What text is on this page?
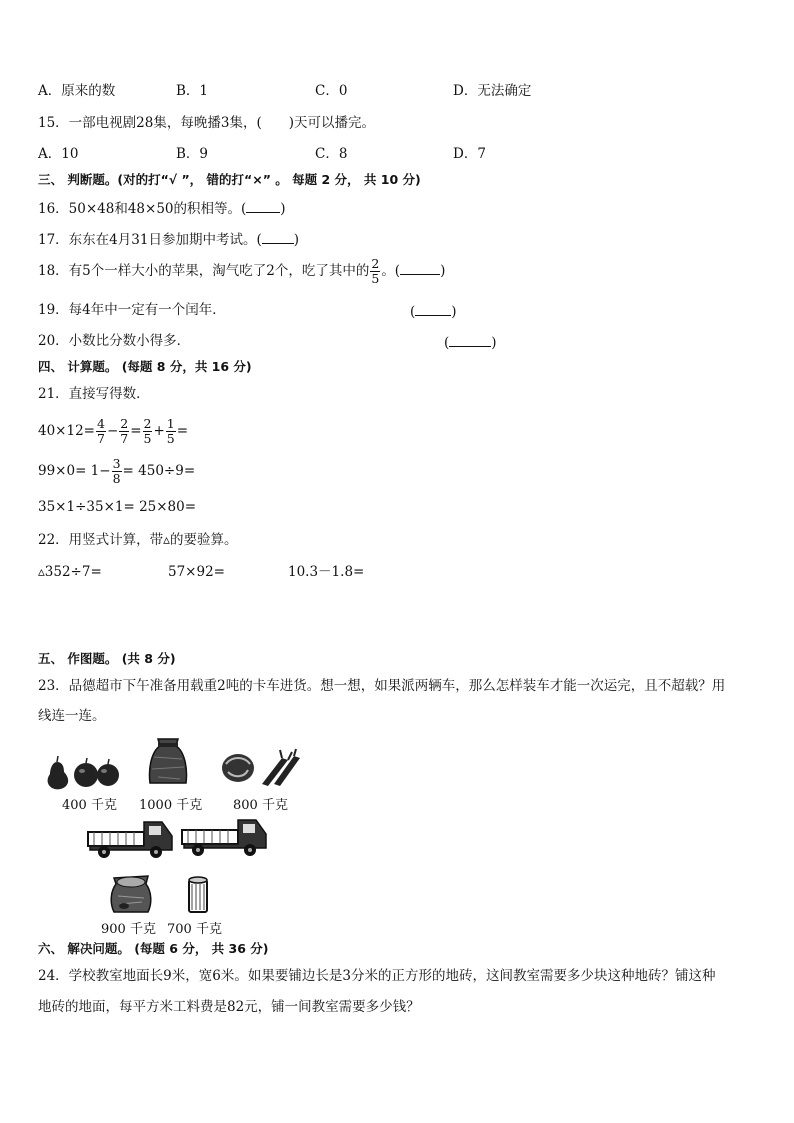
A．原来的数	B．1	C．0	D．无法确定
15．一部电视剧28集，每晚播3集，(　　)天可以播完。
A．10	B．9	C．8	D．7
三、 判断题。(对的打“√ ”， 错的打“×” 。 每题 2 分， 共 10 分)
16．50×48和48×50的积相等。(	)
17．东东在4月31日参加期中考试。( )
18．有5个一样大小的苹果，淘气吃了2个，吃了其中的 $\frac{2}{5}$ 。(	)
19．每4年中一定有一个闰年．	(	)
20．小数比分数小得多．	(	)
四、 计算题。 (每题 8 分，共 16 分)
21．直接写得数．
$40\times 12= \frac{4}{7} - \frac{2}{7} = \frac{2}{5} + \frac{1}{5}$ =
$99\times 0= 1- \frac{3}{8} = 450\div 9=$
35×1÷35×1= 25×80=
22．用竖式计算，带▵的要验算。
▵352÷7=	57×92=	10.3－1.8=
五、 作图题。 (共 8 分)
23．品德超市下午准备用载重2吨的卡车进货。想一想，如果派两辆车，那么怎样装车才能一次运完，且不超载？用
线连一连。
400 千克 1000 千克 800 千克
900 千克 700 千克
六、 解决问题。 (每题 6 分， 共 36 分)
24．学校教室地面长9米，宽6米。如果要铺边长是3分米的正方形的地砖，这间教室需要多少块这种地砖？铺这种
地砖的地面，每平方米工料费是82元，铺一间教室需要多少钱？
